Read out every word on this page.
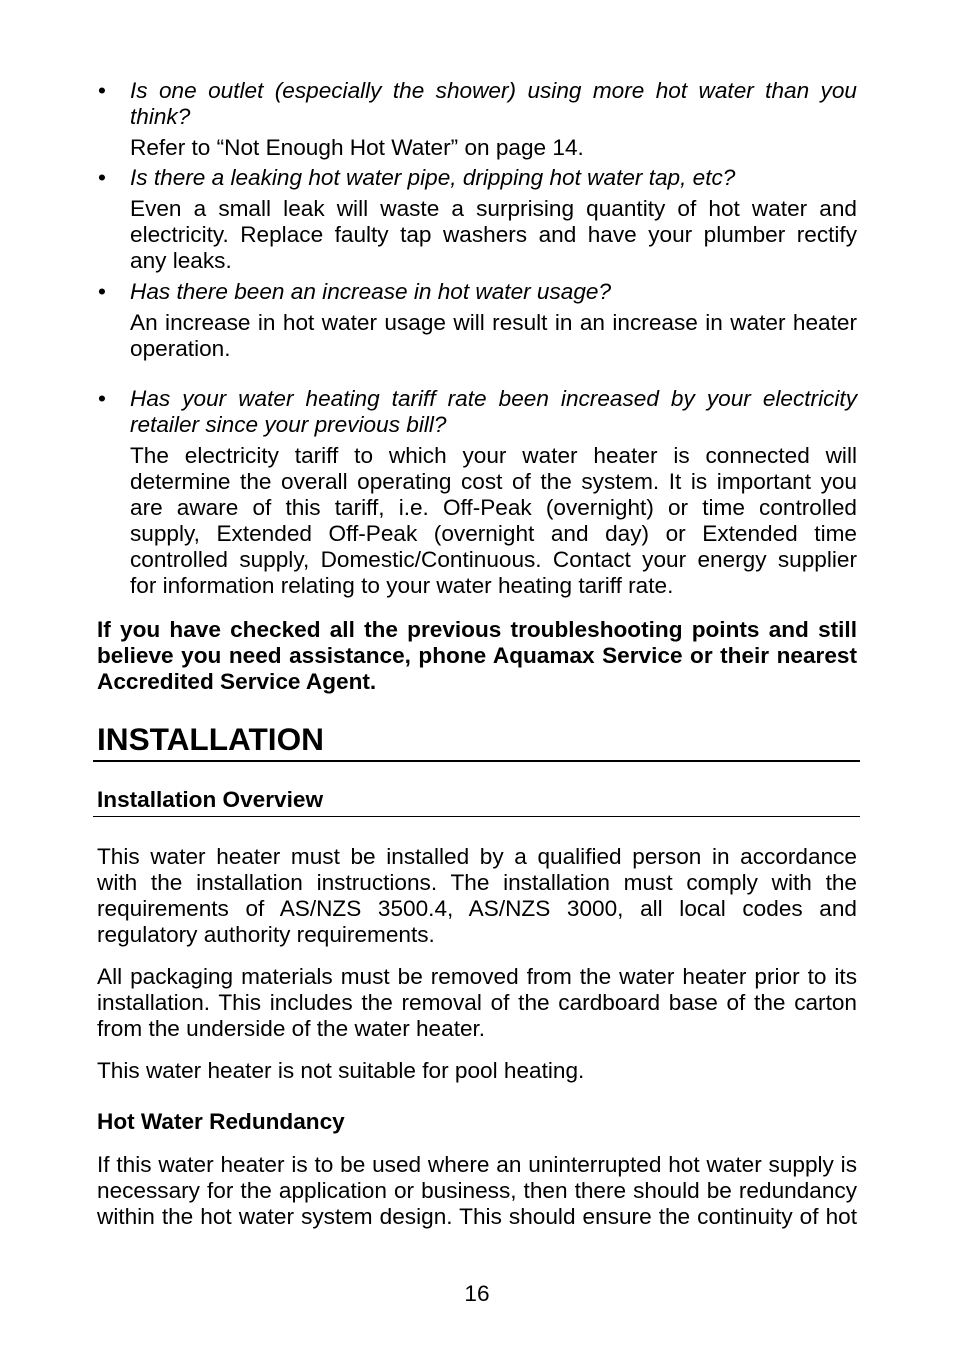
• Is one outlet (especially the shower) using more hot water than you
think?
Refer to “Not Enough Hot Water” on page 14.
• Is there a leaking hot water pipe, dripping hot water tap, etc?
Even a small leak will waste a surprising quantity of hot water and
electricity. Replace faulty tap washers and have your plumber rectify
any leaks.
• Has there been an increase in hot water usage?
An increase in hot water usage will result in an increase in water heater
operation.
• Has your water heating tariff rate been increased by your electricity
retailer since your previous bill?
The electricity tariff to which your water heater is connected will
determine the overall operating cost of the system. It is important you
are aware of this tariff, i.e. Off-Peak (overnight) or time controlled
supply, Extended Off-Peak (overnight and day) or Extended time
controlled supply, Domestic/Continuous. Contact your energy supplier
for information relating to your water heating tariff rate.
If you have checked all the previous troubleshooting points and still
believe you need assistance, phone Aquamax Service or their nearest
Accredited Service Agent.
INSTALLATION
Installation Overview
This water heater must be installed by a qualified person in accordance
with the installation instructions. The installation must comply with the
requirements of AS/NZS 3500.4, AS/NZS 3000, all local codes and
regulatory authority requirements.
All packaging materials must be removed from the water heater prior to its
installation. This includes the removal of the cardboard base of the carton
from the underside of the water heater.
This water heater is not suitable for pool heating.
Hot Water Redundancy
If this water heater is to be used where an uninterrupted hot water supply is
necessary for the application or business, then there should be redundancy
within the hot water system design. This should ensure the continuity of hot
16
